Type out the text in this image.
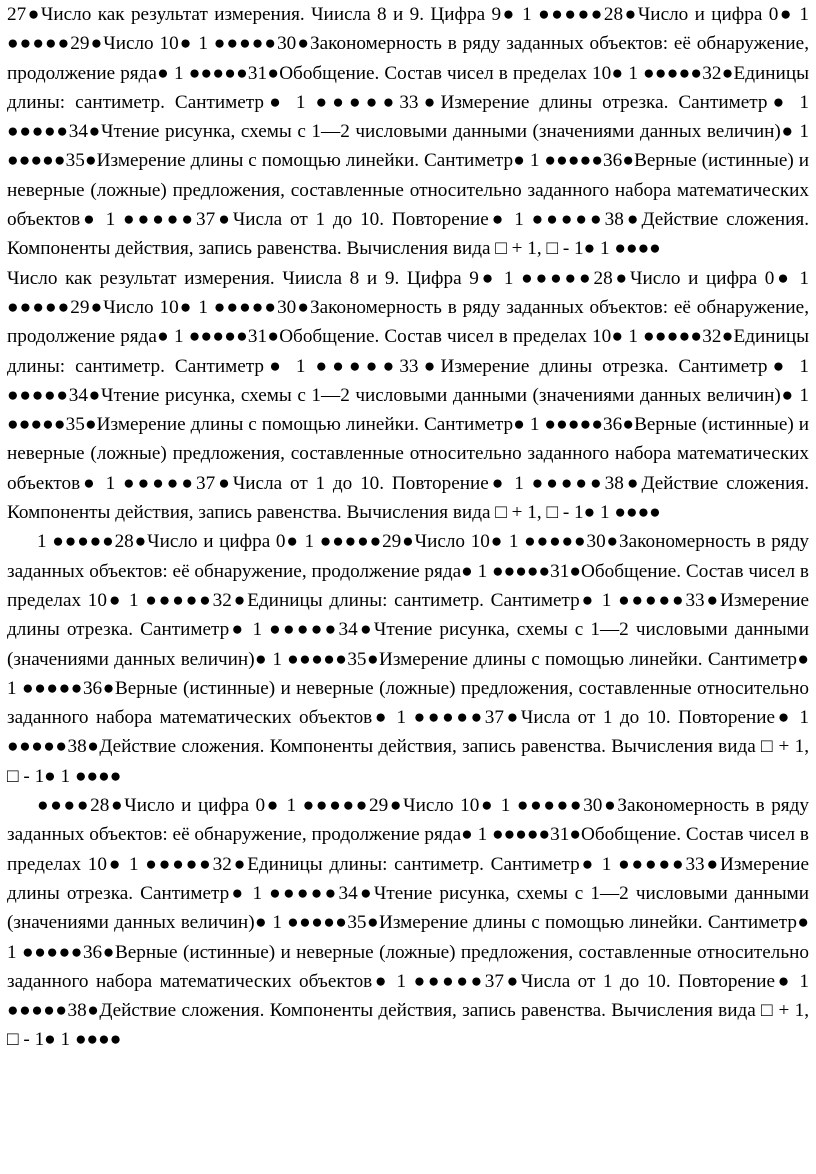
27●Число как результат измерения. Чиисла 8 и 9. Цифра 9● 1 ●●●●●28●Число и цифра 0● 1 ●●●●●29●Число 10● 1 ●●●●●30●Закономерность в ряду заданных объектов: её обнаружение, продолжение ряда● 1 ●●●●●31●Обобщение. Состав чисел в пределах 10● 1 ●●●●●32●Единицы длины: сантиметр. Сантиметр● 1 ●●●●●33●Измерение длины отрезка. Сантиметр● 1 ●●●●●34●Чтение рисунка, схемы с 1—2 числовыми данными (значениями данных величин)● 1 ●●●●●35●Измерение длины с помощью линейки. Сантиметр● 1 ●●●●●36●Верные (истинные) и неверные (ложные) предложения, составленные относительно заданного набора математических объектов● 1 ●●●●●37●Числа от 1 до 10. Повторение● 1 ●●●●●38●Действие сложения. Компоненты действия, запись равенства. Вычисления вида □ + 1, □ - 1● 1 ●●●●

Число как результат измерения. Чиисла 8 и 9. Цифра 9● 1 ●●●●●28●Число и цифра 0● 1 ●●●●●29●Число 10● 1 ●●●●●30●Закономерность в ряду заданных объектов: её обнаружение, продолжение ряда● 1 ●●●●●31●Обобщение. Состав чисел в пределах 10● 1 ●●●●●32●Единицы длины: сантиметр. Сантиметр● 1 ●●●●●33●Измерение длины отрезка. Сантиметр● 1 ●●●●●34●Чтение рисунка, схемы с 1—2 числовыми данными (значениями данных величин)● 1 ●●●●●35●Измерение длины с помощью линейки. Сантиметр● 1 ●●●●●36●Верные (истинные) и неверные (ложные) предложения, составленные относительно заданного набора математических объектов● 1 ●●●●●37●Числа от 1 до 10. Повторение● 1 ●●●●●38●Действие сложения. Компоненты действия, запись равенства. Вычисления вида □ + 1, □ - 1● 1 ●●●●

1 ●●●●●28●Число и цифра 0● 1 ●●●●●29●Число 10● 1 ●●●●●30●Закономерность в ряду заданных объектов: её обнаружение, продолжение ряда● 1 ●●●●●31●Обобщение. Состав чисел в пределах 10● 1 ●●●●●32●Единицы длины: сантиметр. Сантиметр● 1 ●●●●●33●Измерение длины отрезка. Сантиметр● 1 ●●●●●34●Чтение рисунка, схемы с 1—2 числовыми данными (значениями данных величин)● 1 ●●●●●35●Измерение длины с помощью линейки. Сантиметр● 1 ●●●●●36●Верные (истинные) и неверные (ложные) предложения, составленные относительно заданного набора математических объектов● 1 ●●●●●37●Числа от 1 до 10. Повторение● 1 ●●●●●38●Действие сложения. Компоненты действия, запись равенства. Вычисления вида □ + 1, □ - 1● 1 ●●●●

●●●●28●Число и цифра 0● 1 ●●●●●29●Число 10● 1 ●●●●●30●Закономерность в ряду заданных объектов: её обнаружение, продолжение ряда● 1 ●●●●●31●Обобщение. Состав чисел в пределах 10● 1 ●●●●●32●Единицы длины: сантиметр. Сантиметр● 1 ●●●●●33●Измерение длины отрезка. Сантиметр● 1 ●●●●●34●Чтение рисунка, схемы с 1—2 числовыми данными (значениями данных величин)● 1 ●●●●●35●Измерение длины с помощью линейки. Сантиметр● 1 ●●●●●36●Верные (истинные) и неверные (ложные) предложения, составленные относительно заданного набора математических объектов● 1 ●●●●●37●Числа от 1 до 10. Повторение● 1 ●●●●●38●Действие сложения. Компоненты действия, запись равенства. Вычисления вида □ + 1, □ - 1● 1 ●●●●
